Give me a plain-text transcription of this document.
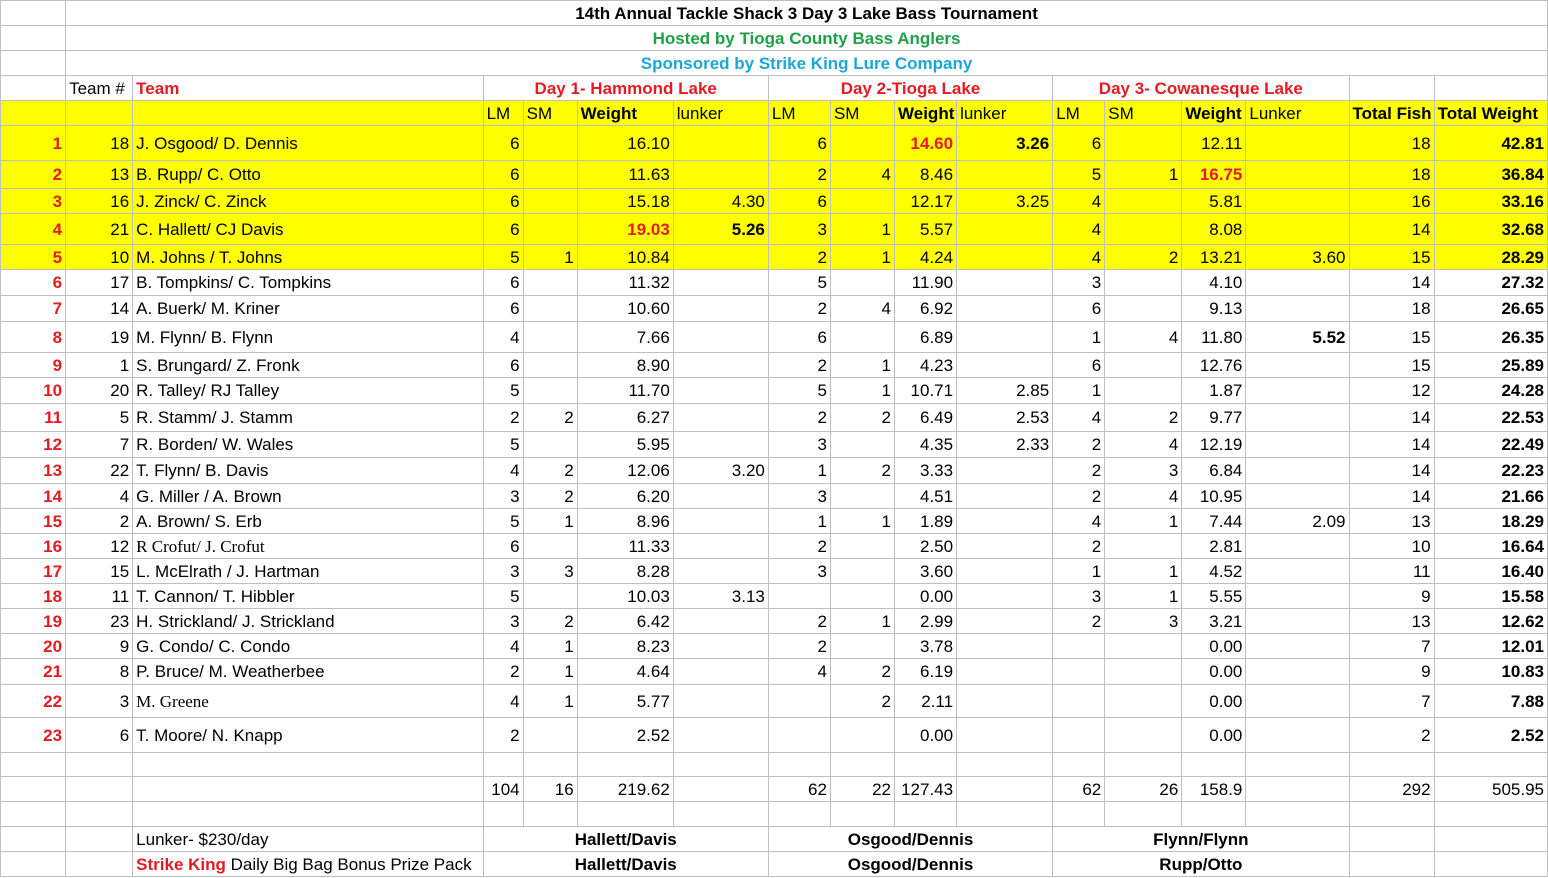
	14th Annual Tackle Shack 3 Day 3 Lake Bass Tournament															
	Hosted by Tioga County Bass Anglers															
	Sponsored by Strike King Lure Company															
	Team #	Team	Day 1- Hammond Lake				Day 2-Tioga Lake				Day 3- Cowanesque Lake					
			LM	SM	Weight	lunker	LM	SM	Weight	lunker	LM	SM	Weight	Lunker	Total Fish	Total Weight
1	18	J. Osgood/ D. Dennis	6		16.10		6		14.60	3.26	6		12.11		18	42.81
2	13	B. Rupp/ C. Otto	6		11.63		2	4	8.46		5	1	16.75		18	36.84
3	16	J. Zinck/ C. Zinck	6		15.18	4.30	6		12.17	3.25	4		5.81		16	33.16
4	21	C. Hallett/ CJ Davis	6		19.03	5.26	3	1	5.57		4		8.08		14	32.68
5	10	M. Johns / T. Johns	5	1	10.84		2	1	4.24		4	2	13.21	3.60	15	28.29
6	17	B. Tompkins/ C. Tompkins	6		11.32		5		11.90		3		4.10		14	27.32
7	14	A. Buerk/ M. Kriner	6		10.60		2	4	6.92		6		9.13		18	26.65
8	19	M. Flynn/ B. Flynn	4		7.66		6		6.89		1	4	11.80	5.52	15	26.35
9	1	S. Brungard/ Z. Fronk	6		8.90		2	1	4.23		6		12.76		15	25.89
10	20	R. Talley/ RJ Talley	5		11.70		5	1	10.71	2.85	1		1.87		12	24.28
11	5	R. Stamm/ J. Stamm	2	2	6.27		2	2	6.49	2.53	4	2	9.77		14	22.53
12	7	R. Borden/ W. Wales	5		5.95		3		4.35	2.33	2	4	12.19		14	22.49
13	22	T. Flynn/ B. Davis	4	2	12.06	3.20	1	2	3.33		2	3	6.84		14	22.23
14	4	G. Miller / A. Brown	3	2	6.20		3		4.51		2	4	10.95		14	21.66
15	2	A. Brown/ S. Erb	5	1	8.96		1	1	1.89		4	1	7.44	2.09	13	18.29
16	12	R Crofut/ J. Crofut	6		11.33		2		2.50		2		2.81		10	16.64
17	15	L. McElrath / J. Hartman	3	3	8.28		3		3.60		1	1	4.52		11	16.40
18	11	T. Cannon/ T. Hibbler	5		10.03	3.13			0.00		3	1	5.55		9	15.58
19	23	H. Strickland/ J. Strickland	3	2	6.42		2	1	2.99		2	3	3.21		13	12.62
20	9	G. Condo/ C. Condo	4	1	8.23		2		3.78				0.00		7	12.01
21	8	P. Bruce/ M. Weatherbee	2	1	4.64		4	2	6.19				0.00		9	10.83
22	3	M. Greene	4	1	5.77			2	2.11				0.00		7	7.88
23	6	T. Moore/ N. Knapp	2		2.52				0.00				0.00		2	2.52

			104	16	219.62		62	22	127.43		62	26	158.9		292	505.95

		Lunker- $230/day	Hallett/Davis				Osgood/Dennis				Flynn/Flynn					
		Strike King Daily Big Bag Bonus Prize Pack	Hallett/Davis				Osgood/Dennis				Rupp/Otto					
